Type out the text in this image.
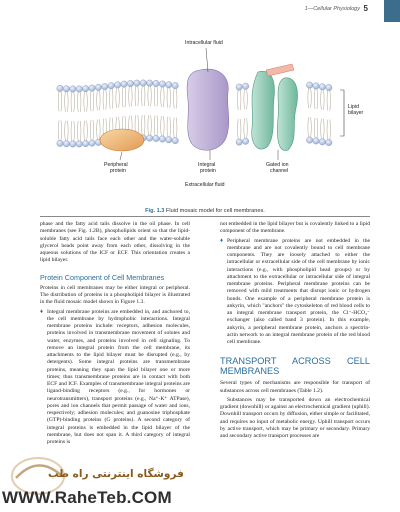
1—Cellular Physiology 5
Intracellular fluid
Extracellular fluid
Lipid bilayer
Peripheral protein
Integral protein
Gated ion channel
Fig. 1.3 Fluid mosaic model for cell membranes.

phase and the fatty acid tails dissolve in the oil phase. In cell membranes (see Fig. 1.2B), phospholipids orient so that the lipid-soluble fatty acid tails face each other and the water-soluble glycerol heads point away from each other, dissolving in the aqueous solutions of the ICF or ECF. This orientation creates a lipid bilayer.

Protein Component of Cell Membranes

Proteins in cell membranes may be either integral or peripheral. The distribution of proteins in a phospholipid bilayer is illustrated in the fluid mosaic model shown in Figure 1.3.

♦ Integral membrane proteins are embedded in, and anchored to, the cell membrane by hydrophobic interactions. Integral membrane proteins include: receptors, adhesion molecules, proteins involved in transmembrane movement of solutes and water, enzymes, and proteins involved in cell signaling. To remove an integral protein from the cell membrane, its attachments to the lipid bilayer must be disrupted (e.g., by detergents). Some integral proteins are transmembrane proteins, meaning they span the lipid bilayer one or more times; thus transmembrane proteins are in contact with both ECF and ICF. Examples of transmembrane integral proteins are ligand-binding receptors (e.g., for hormones or neurotransmitters), transport proteins (e.g., Na⁺-K⁺ ATPase), pores and ion channels that permit passage of water and ions, respectively; adhesion molecules; and guanosine triphosphate (GTP)-binding proteins (G proteins). A second category of integral proteins is embedded in the lipid bilayer of the membrane, but does not span it. A third category of integral proteins is

not embedded in the lipid bilayer but is covalently linked to a lipid component of the membrane.

♦ Peripheral membrane proteins are not embedded in the membrane and are not covalently bound to cell membrane components. They are loosely attached to either the intracellular or extracellular side of the cell membrane by ionic interactions (e.g., with phospholipid head groups) or by attachment to the extracellular or intracellular side of integral membrane proteins. Peripheral membrane proteins can be removed with mild treatments that disrupt ionic or hydrogen bonds. One example of a peripheral membrane protein is ankyrin, which "anchors" the cytoskeleton of red blood cells to an integral membrane transport protein, the Cl⁻-HCO₃⁻ exchanger (also called band 3 protein). In this example, ankyrin, a peripheral membrane protein, anchors a spectrin-actin network to an integral membrane protein of the red blood cell membrane.

TRANSPORT ACROSS CELL MEMBRANES

Several types of mechanisms are responsible for transport of substances across cell membranes (Table 1.2).

Substances may be transported down an electrochemical gradient (downhill) or against an electrochemical gradient (uphill). Downhill transport occurs by diffusion, either simple or facilitated, and requires no input of metabolic energy. Uphill transport occurs by active transport, which may be primary or secondary. Primary and secondary active transport processes are

فروشگاه اینترنتی راه طب
WWW.RaheTeb.COM
